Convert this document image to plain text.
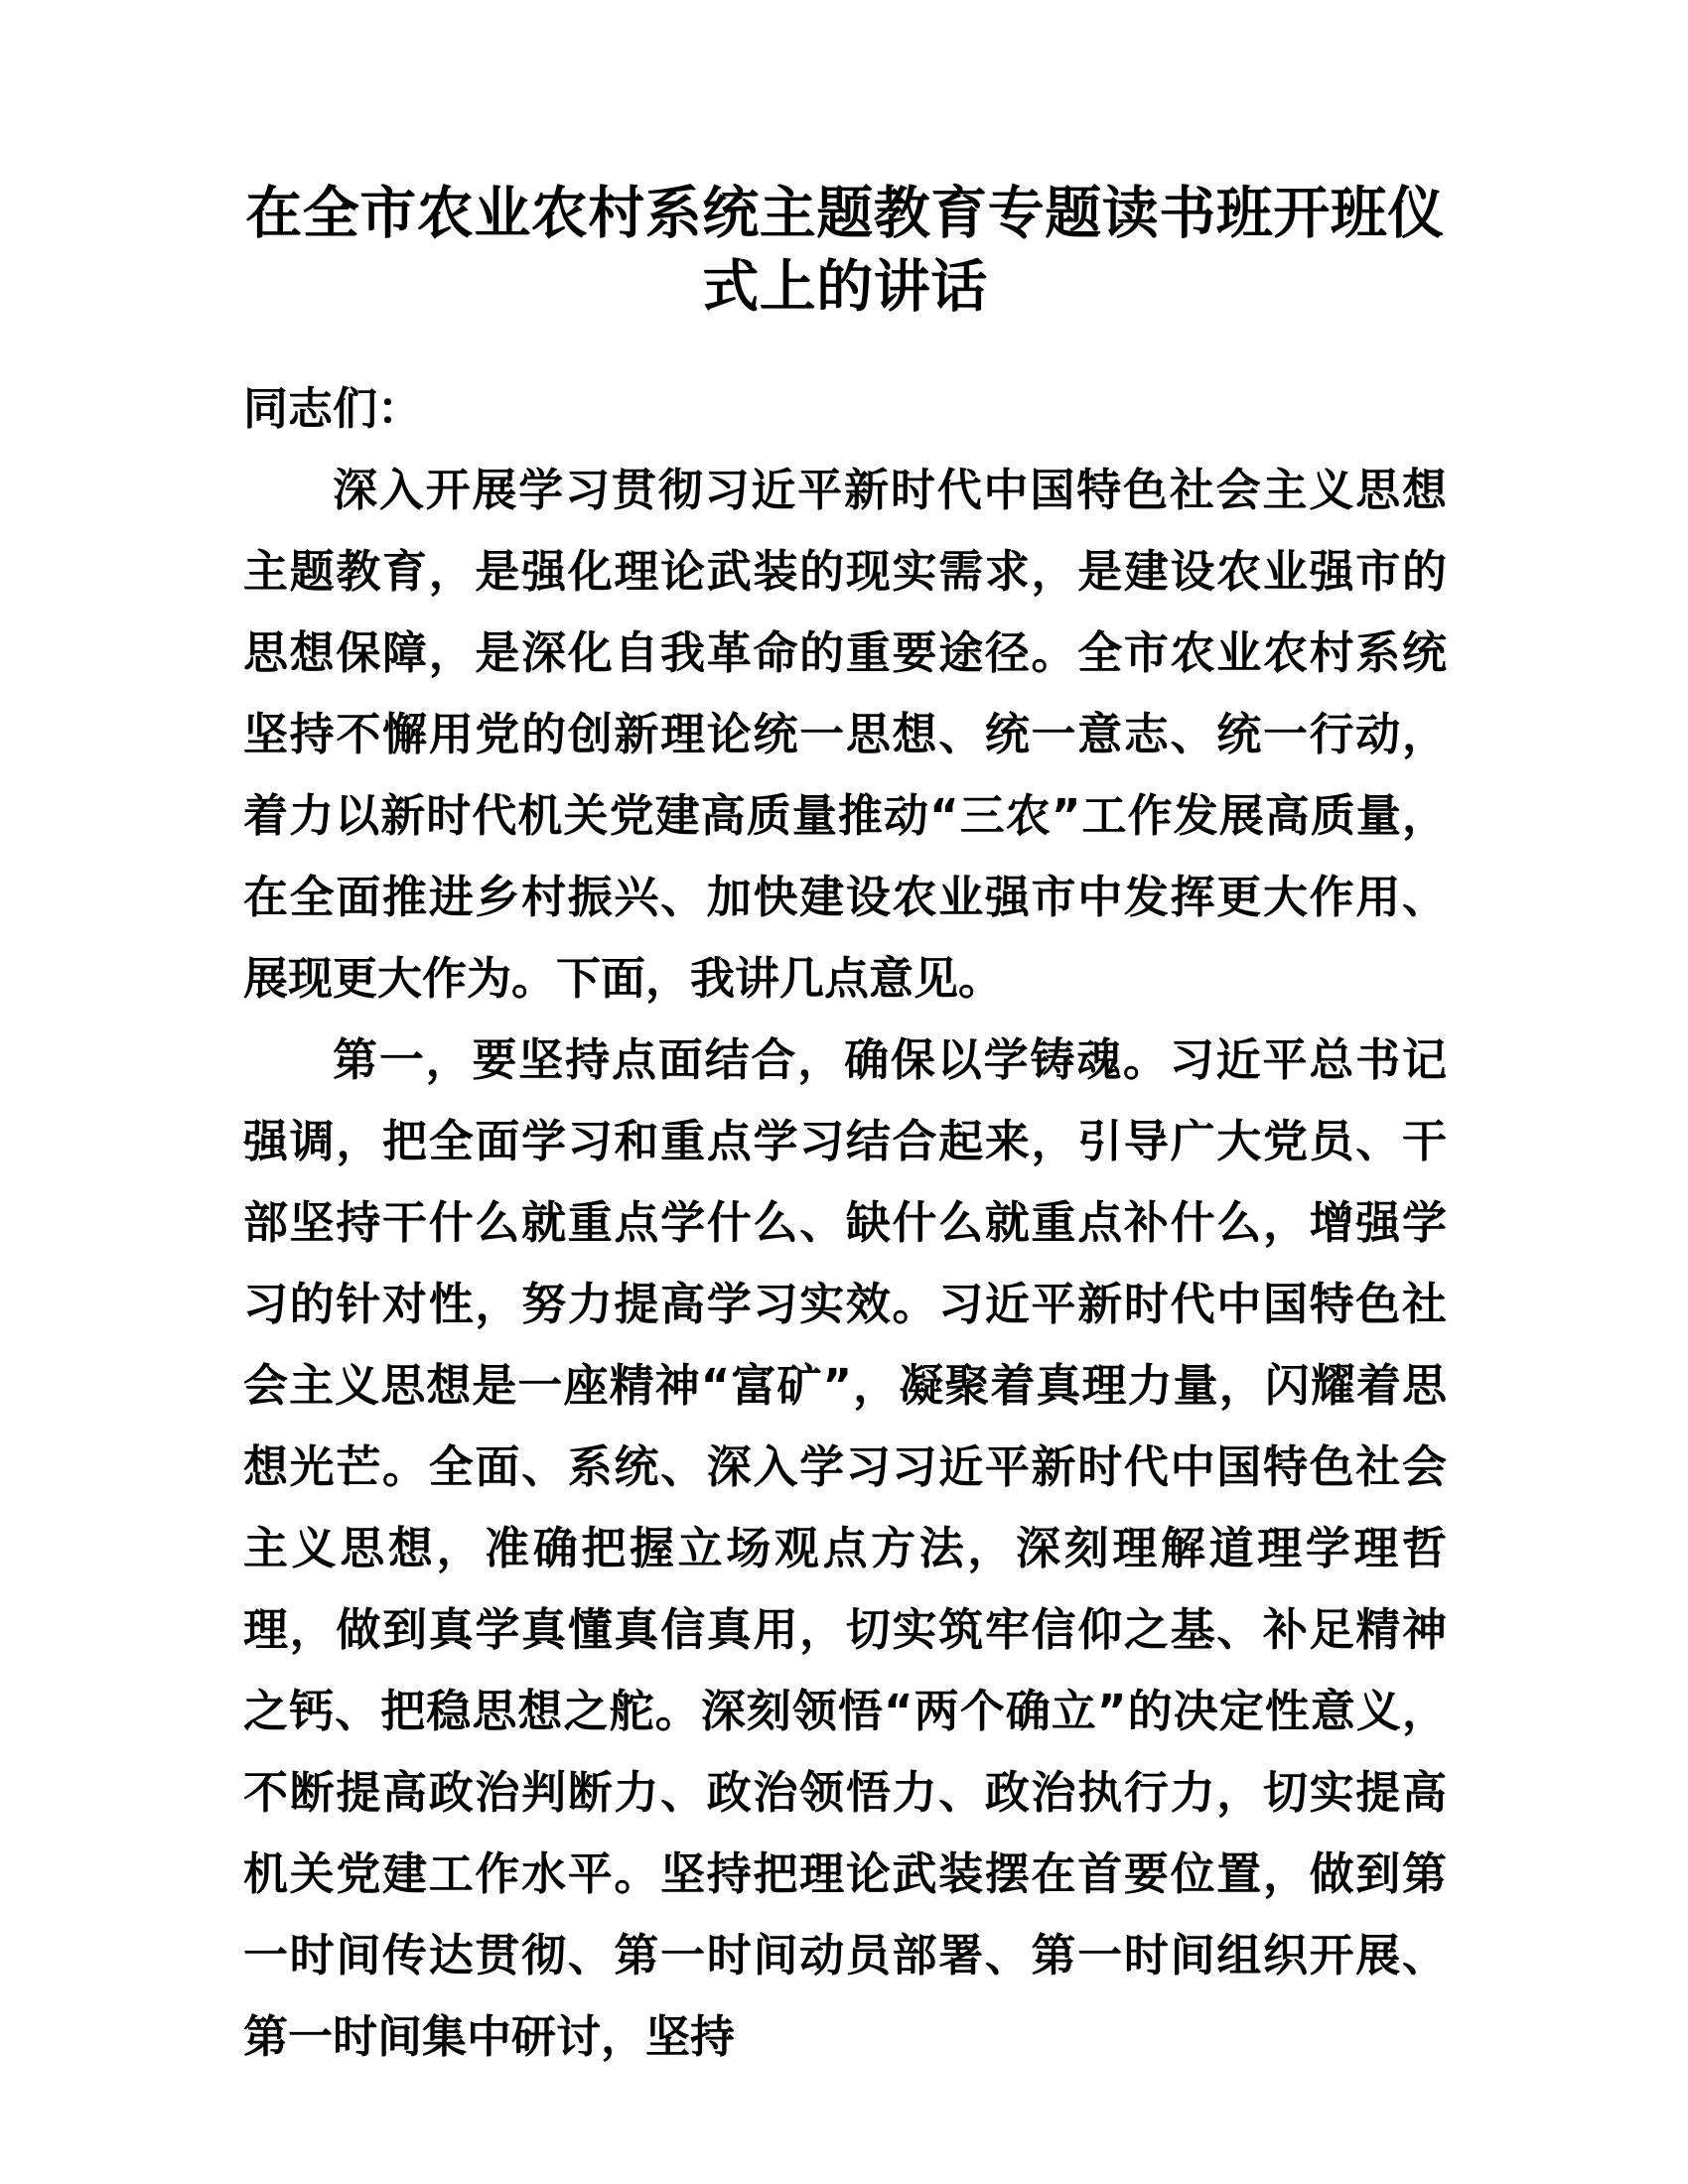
在全市农业农村系统主题教育专题读书班开班仪式上的讲话

同志们：

深入开展学习贯彻习近平新时代中国特色社会主义思想主题教育，是强化理论武装的现实需求，是建设农业强市的思想保障，是深化自我革命的重要途径。全市农业农村系统坚持不懈用党的创新理论统一思想、统一意志、统一行动，着力以新时代机关党建高质量推动“三农”工作发展高质量，在全面推进乡村振兴、加快建设农业强市中发挥更大作用、展现更大作为。下面，我讲几点意见。

第一，要坚持点面结合，确保以学铸魂。习近平总书记强调，把全面学习和重点学习结合起来，引导广大党员、干部坚持干什么就重点学什么、缺什么就重点补什么，增强学习的针对性，努力提高学习实效。习近平新时代中国特色社会主义思想是一座精神“富矿”，凝聚着真理力量，闪耀着思想光芒。全面、系统、深入学习习近平新时代中国特色社会主义思想，准确把握立场观点方法，深刻理解道理学理哲理，做到真学真懂真信真用，切实筑牢信仰之基、补足精神之钙、把稳思想之舵。深刻领悟“两个确立”的决定性意义，不断提高政治判断力、政治领悟力、政治执行力，切实提高机关党建工作水平。坚持把理论武装摆在首要位置，做到第一时间传达贯彻、第一时间动员部署、第一时间组织开展、第一时间集中研讨，坚持
